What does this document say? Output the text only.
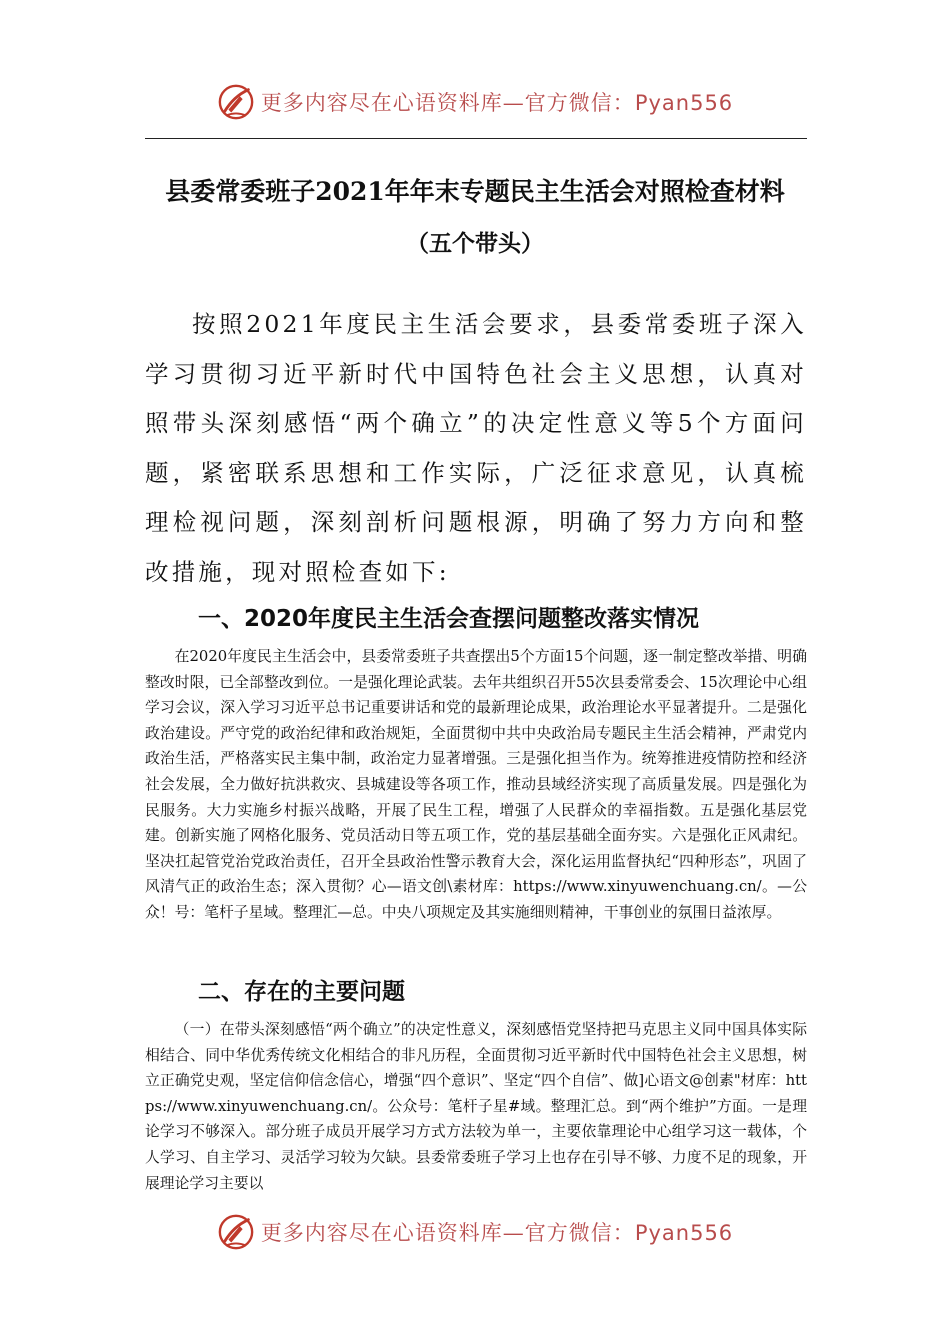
更多内容尽在心语资料库—官方微信：Pyan556
县委常委班子2021年年末专题民主生活会对照检查材料
（五个带头）

按照2021年度民主生活会要求，县委常委班子深入学习贯彻习近平新时代中国特色社会主义思想，认真对照带头深刻感悟“两个确立”的决定性意义等5个方面问题，紧密联系思想和工作实际，广泛征求意见，认真梳理检视问题，深刻剖析问题根源，明确了努力方向和整改措施，现对照检查如下:

一、2020年度民主生活会查摆问题整改落实情况

在2020年度民主生活会中，县委常委班子共查摆出5个方面15个问题，逐一制定整改举措、明确整改时限，已全部整改到位。一是强化理论武装。去年共组织召开55次县委常委会、15次理论中心组学习会议，深入学习习近平总书记重要讲话和党的最新理论成果，政治理论水平显著提升。二是强化政治建设。严守党的政治纪律和政治规矩，全面贯彻中共中央政治局专题民主生活会精神，严肃党内政治生活，严格落实民主集中制，政治定力显著增强。三是强化担当作为。统筹推进疫情防控和经济社会发展，全力做好抗洪救灾、县城建设等各项工作，推动县域经济实现了高质量发展。四是强化为民服务。大力实施乡村振兴战略，开展了民生工程，增强了人民群众的幸福指数。五是强化基层党建。创新实施了网格化服务、党员活动日等五项工作，党的基层基础全面夯实。六是强化正风肃纪。坚决扛起管党治党政治责任，召开全县政治性警示教育大会，深化运用监督执纪“四种形态”，巩固了风清气正的政治生态；深入贯彻？心—语文创\素材库：https://www.xinyuwenchuang.cn/。—公众！号：笔杆子星域。整理汇—总。中央八项规定及其实施细则精神，干事创业的氛围日益浓厚。

二、存在的主要问题

（一）在带头深刻感悟“两个确立”的决定性意义，深刻感悟党坚持把马克思主义同中国具体实际相结合、同中华优秀传统文化相结合的非凡历程，全面贯彻习近平新时代中国特色社会主义思想，树立正确党史观，坚定信仰信念信心，增强“四个意识”、坚定“四个自信”、做]心语文@创素"材库：https://www.xinyuwenchuang.cn/。公众号：笔杆子星#域。整理汇总。到“两个维护”方面。一是理论学习不够深入。部分班子成员开展学习方式方法较为单一，主要依靠理论中心组学习这一载体，个人学习、自主学习、灵活学习较为欠缺。县委常委班子学习上也存在引导不够、力度不足的现象，开展理论学习主要以

更多内容尽在心语资料库—官方微信：Pyan556
